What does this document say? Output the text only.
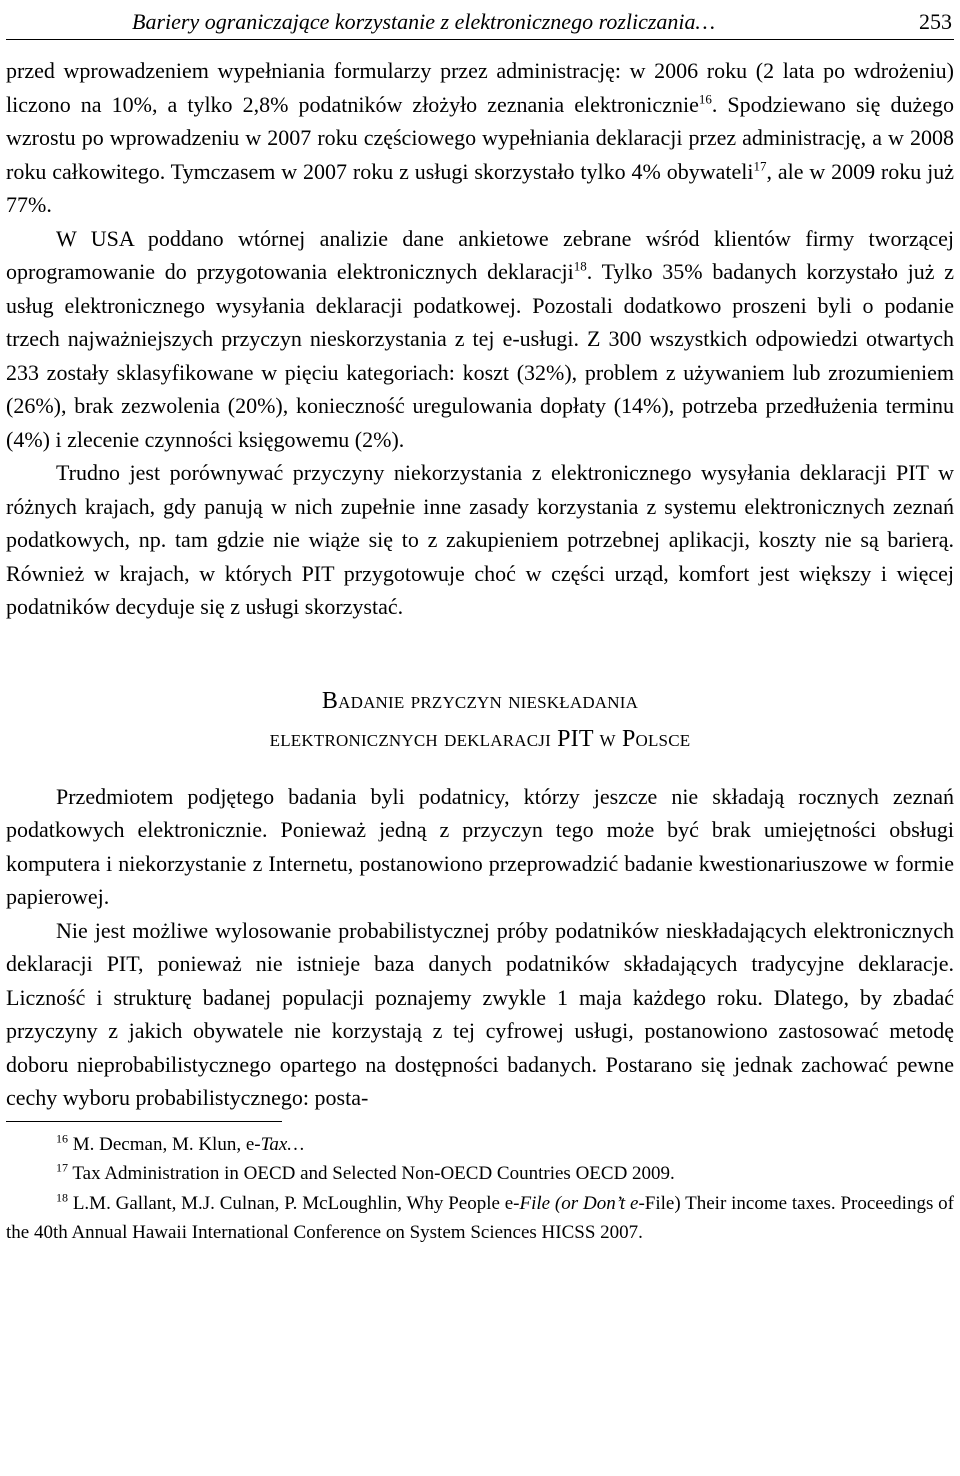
Bariery ograniczające korzystanie z elektronicznego rozliczania…	253

przed wprowadzeniem wypełniania formularzy przez administrację: w 2006 roku (2 lata po wdrożeniu) liczono na 10%, a tylko 2,8% podatników złożyło zeznania elektronicznie$^{16}$. Spodziewano się dużego wzrostu po wprowadzeniu w 2007 roku częściowego wypełniania deklaracji przez administrację, a w 2008 roku całkowitego. Tymczasem w 2007 roku z usługi skorzystało tylko 4% obywateli$^{17}$, ale w 2009 roku już 77%.

W USA poddano wtórnej analizie dane ankietowe zebrane wśród klientów firmy tworzącej oprogramowanie do przygotowania elektronicznych deklaracji$^{18}$. Tylko 35% badanych korzystało już z usług elektronicznego wysyłania deklaracji podatkowej. Pozostali dodatkowo proszeni byli o podanie trzech najważniejszych przyczyn nieskorzystania z tej e-usługi. Z 300 wszystkich odpowiedzi otwartych 233 zostały sklasyfikowane w pięciu kategoriach: koszt (32%), problem z używaniem lub zrozumieniem (26%), brak zezwolenia (20%), konieczność uregulowania dopłaty (14%), potrzeba przedłużenia terminu (4%) i zlecenie czynności księgowemu (2%).

Trudno jest porównywać przyczyny niekorzystania z elektronicznego wysyłania deklaracji PIT w różnych krajach, gdy panują w nich zupełnie inne zasady korzystania z systemu elektronicznych zeznań podatkowych, np. tam gdzie nie wiąże się to z zakupieniem potrzebnej aplikacji, koszty nie są barierą. Również w krajach, w których PIT przygotowuje choć w części urząd, komfort jest większy i więcej podatników decyduje się z usługi skorzystać.

Badanie przyczyn nieskładania
elektronicznych deklaracji PIT w Polsce

Przedmiotem podjętego badania byli podatnicy, którzy jeszcze nie składają rocznych zeznań podatkowych elektronicznie. Ponieważ jedną z przyczyn tego może być brak umiejętności obsługi komputera i niekorzystanie z Internetu, postanowiono przeprowadzić badanie kwestionariuszowe w formie papierowej.

Nie jest możliwe wylosowanie probabilistycznej próby podatników nieskładających elektronicznych deklaracji PIT, ponieważ nie istnieje baza danych podatników składających tradycyjne deklaracje. Liczność i strukturę badanej populacji poznajemy zwykle 1 maja każdego roku. Dlatego, by zbadać przyczyny z jakich obywatele nie korzystają z tej cyfrowej usługi, postanowiono zastosować metodę doboru nieprobabilistycznego opartego na dostępności badanych. Postarano się jednak zachować pewne cechy wyboru probabilistycznego: posta-

$^{16}$ M. Decman, M. Klun, e-Tax…

$^{17}$ Tax Administration in OECD and Selected Non-OECD Countries OECD 2009.

$^{18}$ L.M. Gallant, M.J. Culnan, P. McLoughlin, Why People e-File (or Don’t e-File) Their income taxes. Proceedings of the 40th Annual Hawaii International Conference on System Sciences HICSS 2007.
